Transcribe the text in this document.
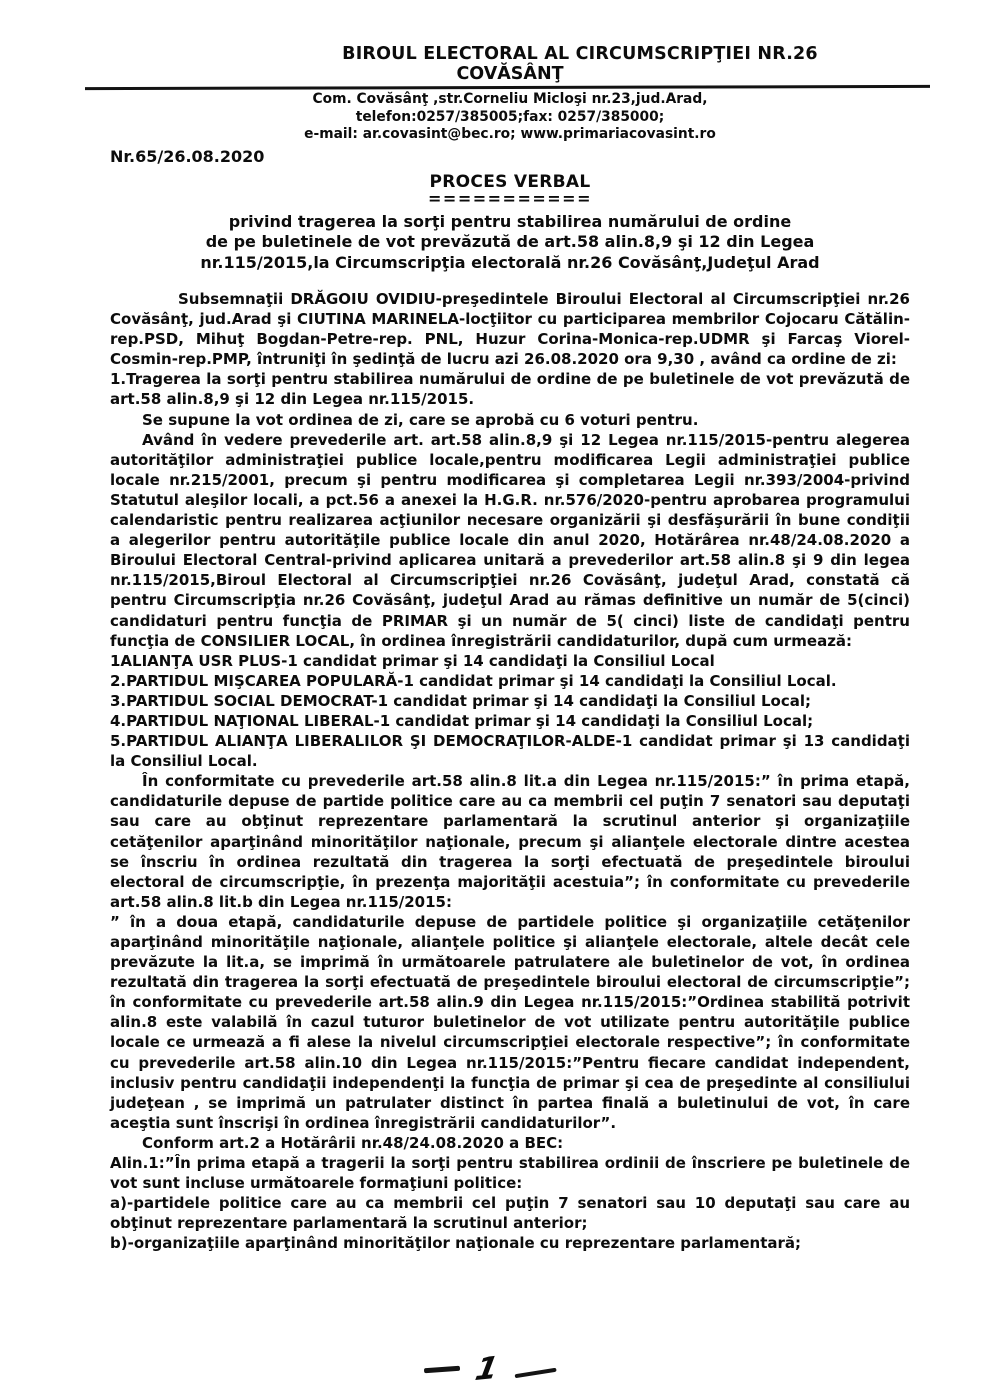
BIROUL ELECTORAL AL CIRCUMSCRIPŢIEI NR.26
COVĂSÂNŢ
Com. Covăsânţ ,str.Corneliu Micloşi nr.23,jud.Arad,
telefon:0257/385005;fax: 0257/385000;
e-mail: ar.covasint@bec.ro; www.primariacovasint.ro
Nr.65/26.08.2020
PROCES VERBAL
===========
privind tragerea la sorţi pentru stabilirea numărului de ordine
de pe buletinele de vot prevăzută de art.58 alin.8,9 şi 12 din Legea
nr.115/2015,la Circumscripţia electorală nr.26 Covăsânţ,Judeţul Arad

Subsemnaţii DRĂGOIU OVIDIU-preşedintele Biroului Electoral al Circumscripţiei nr.26 Covăsânţ, jud.Arad şi CIUTINA MARINELA-locţiitor cu participarea membrilor Cojocaru Cătălin-rep.PSD, Mihuţ Bogdan-Petre-rep. PNL, Huzur Corina-Monica-rep.UDMR şi Farcaş Viorel-Cosmin-rep.PMP, întruniţi în şedinţă de lucru azi 26.08.2020 ora 9,30 , având ca ordine de zi:

1.Tragerea la sorţi pentru stabilirea numărului de ordine de pe buletinele de vot prevăzută de art.58 alin.8,9 şi 12 din Legea nr.115/2015.

Se supune la vot ordinea de zi, care se aprobă cu 6 voturi pentru.

Având în vedere prevederile art. art.58 alin.8,9 şi 12 Legea nr.115/2015-pentru alegerea autorităţilor administraţiei publice locale,pentru modificarea Legii administraţiei publice locale nr.215/2001, precum şi pentru modificarea şi completarea Legii nr.393/2004-privind Statutul aleşilor locali, a pct.56 a anexei la H.G.R. nr.576/2020-pentru aprobarea programului calendaristic pentru realizarea acţiunilor necesare organizării şi desfăşurării în bune condiţii a alegerilor pentru autorităţile publice locale din anul 2020, Hotărârea nr.48/24.08.2020 a Biroului Electoral Central-privind aplicarea unitară a prevederilor art.58 alin.8 şi 9 din legea nr.115/2015,Biroul Electoral al Circumscripţiei nr.26 Covăsânţ, judeţul Arad, constată că pentru Circumscripţia nr.26 Covăsânţ, judeţul Arad au rămas definitive un număr de 5(cinci) candidaturi pentru funcţia de PRIMAR şi un număr de 5( cinci) liste de candidaţi pentru funcţia de CONSILIER LOCAL, în ordinea înregistrării candidaturilor, după cum urmează:

1ALIANŢA USR PLUS-1 candidat primar şi 14 candidaţi la Consiliul Local

2.PARTIDUL MIŞCAREA POPULARĂ-1 candidat primar şi 14 candidaţi la Consiliul Local.

3.PARTIDUL SOCIAL DEMOCRAT-1 candidat primar şi 14 candidaţi la Consiliul Local;

4.PARTIDUL NAŢIONAL LIBERAL-1 candidat primar şi 14 candidaţi la Consiliul Local;

5.PARTIDUL ALIANŢA LIBERALILOR ŞI DEMOCRAŢILOR-ALDE-1 candidat primar şi 13 candidaţi la Consiliul Local.

În conformitate cu prevederile art.58 alin.8 lit.a din Legea nr.115/2015:” în prima etapă, candidaturile depuse de partide politice care au ca membrii cel puţin 7 senatori sau deputaţi sau care au obţinut reprezentare parlamentară la scrutinul anterior şi organizaţiile cetăţenilor aparţinând minorităţilor naţionale, precum şi alianţele electorale dintre acestea se înscriu în ordinea rezultată din tragerea la sorţi efectuată de preşedintele biroului electoral de circumscripţie, în prezenţa majorităţii acestuia”; în conformitate cu prevederile art.58 alin.8 lit.b din Legea nr.115/2015:

” în a doua etapă, candidaturile depuse de partidele politice şi organizaţiile cetăţenilor aparţinând minorităţile naţionale, alianţele politice şi alianţele electorale, altele decât cele prevăzute la lit.a, se imprimă în următoarele patrulatere ale buletinelor de vot, în ordinea rezultată din tragerea la sorţi efectuată de preşedintele biroului electoral de circumscripţie”; în conformitate cu prevederile art.58 alin.9 din Legea nr.115/2015:”Ordinea stabilită potrivit alin.8 este valabilă în cazul tuturor buletinelor de vot utilizate pentru autorităţile publice locale ce urmează a fi alese la nivelul circumscripţiei electorale respective”; în conformitate cu prevederile art.58 alin.10 din Legea nr.115/2015:”Pentru fiecare candidat independent, inclusiv pentru candidaţii independenţi la funcţia de primar şi cea de preşedinte al consiliului judeţean , se imprimă un patrulater distinct în partea finală a buletinului de vot, în care aceştia sunt înscrişi în ordinea înregistrării candidaturilor”.

Conform art.2 a Hotărârii nr.48/24.08.2020 a BEC:

Alin.1:”În prima etapă a tragerii la sorţi pentru stabilirea ordinii de înscriere pe buletinele de vot sunt incluse următoarele formaţiuni politice:

a)-partidele politice care au ca membrii cel puţin 7 senatori sau 10 deputaţi sau care au obţinut reprezentare parlamentară la scrutinul anterior;

b)-organizaţiile aparţinând minorităţilor naţionale cu reprezentare parlamentară;

1
